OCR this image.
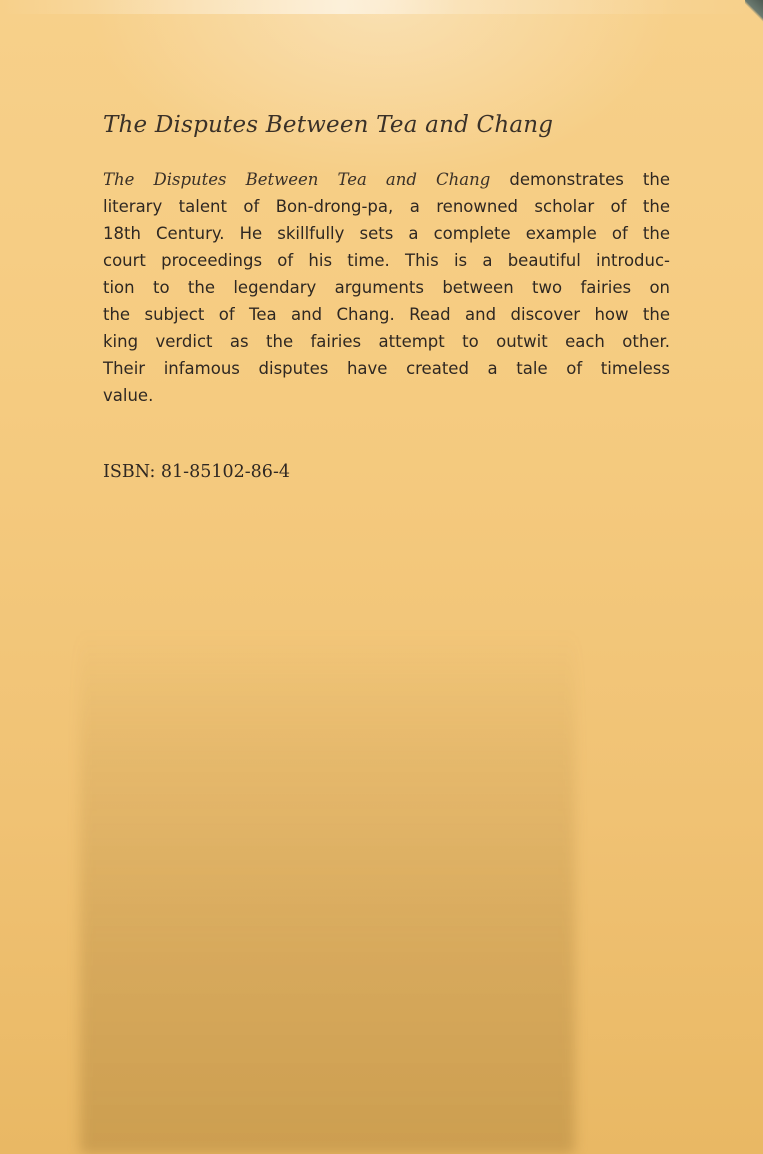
The Disputes Between Tea and Chang
The Disputes Between Tea and Chang demonstrates the
literary talent of Bon-drong-pa, a renowned scholar of the
18th Century. He skillfully sets a complete example of the
court proceedings of his time. This is a beautiful introduc-
tion to the legendary arguments between two fairies on
the subject of Tea and Chang. Read and discover how the
king verdict as the fairies attempt to outwit each other.
Their infamous disputes have created a tale of timeless
value.

ISBN: 81-85102-86-4
